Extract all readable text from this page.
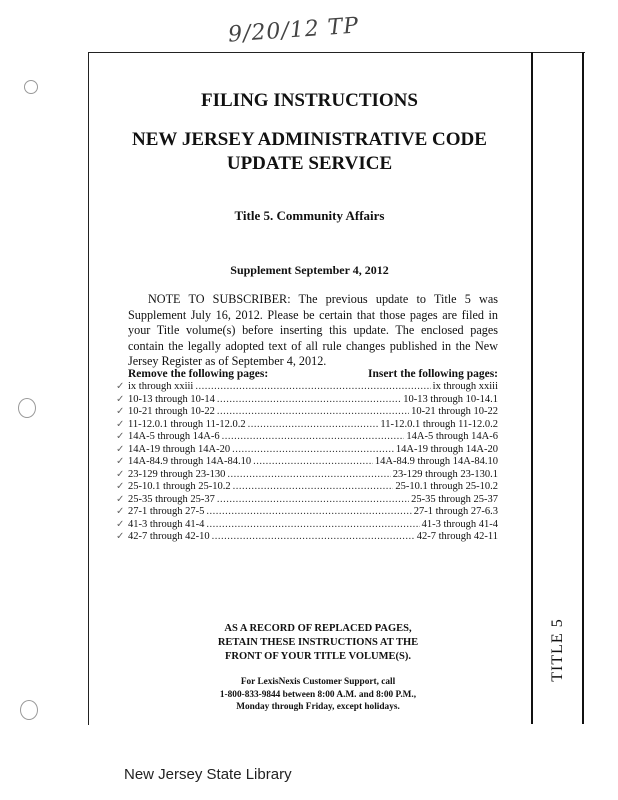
9/20/12 TP
FILING INSTRUCTIONS
NEW JERSEY ADMINISTRATIVE CODE
UPDATE SERVICE
Title 5. Community Affairs
Supplement September 4, 2012
NOTE TO SUBSCRIBER: The previous update to Title 5 was Supplement July 16, 2012. Please be certain that those pages are filed in your Title volume(s) before inserting this update. The enclosed pages contain the legally adopted text of all rule changes published in the New Jersey Register as of September 4, 2012.
Remove the following pages:	Insert the following pages:
✓ ix through xxiii .....	ix through xxiii
✓ 10-13 through 10-14 .....	10-13 through 10-14.1
✓ 10-21 through 10-22 .....	10-21 through 10-22
✓ 11-12.0.1 through 11-12.0.2 .....	11-12.0.1 through 11-12.0.2
✓ 14A-5 through 14A-6 .....	14A-5 through 14A-6
✓ 14A-19 through 14A-20 .....	14A-19 through 14A-20
✓ 14A-84.9 through 14A-84.10 .....	14A-84.9 through 14A-84.10
✓ 23-129 through 23-130 .....	23-129 through 23-130.1
✓ 25-10.1 through 25-10.2 .....	25-10.1 through 25-10.2
✓ 25-35 through 25-37 .....	25-35 through 25-37
✓ 27-1 through 27-5 .....	27-1 through 27-6.3
✓ 41-3 through 41-4 .....	41-3 through 41-4
✓ 42-7 through 42-10 .....	42-7 through 42-11
AS A RECORD OF REPLACED PAGES,
RETAIN THESE INSTRUCTIONS AT THE
FRONT OF YOUR TITLE VOLUME(S).
For LexisNexis Customer Support, call
1-800-833-9844 between 8:00 A.M. and 8:00 P.M.,
Monday through Friday, except holidays.
TITLE 5
New Jersey State Library
